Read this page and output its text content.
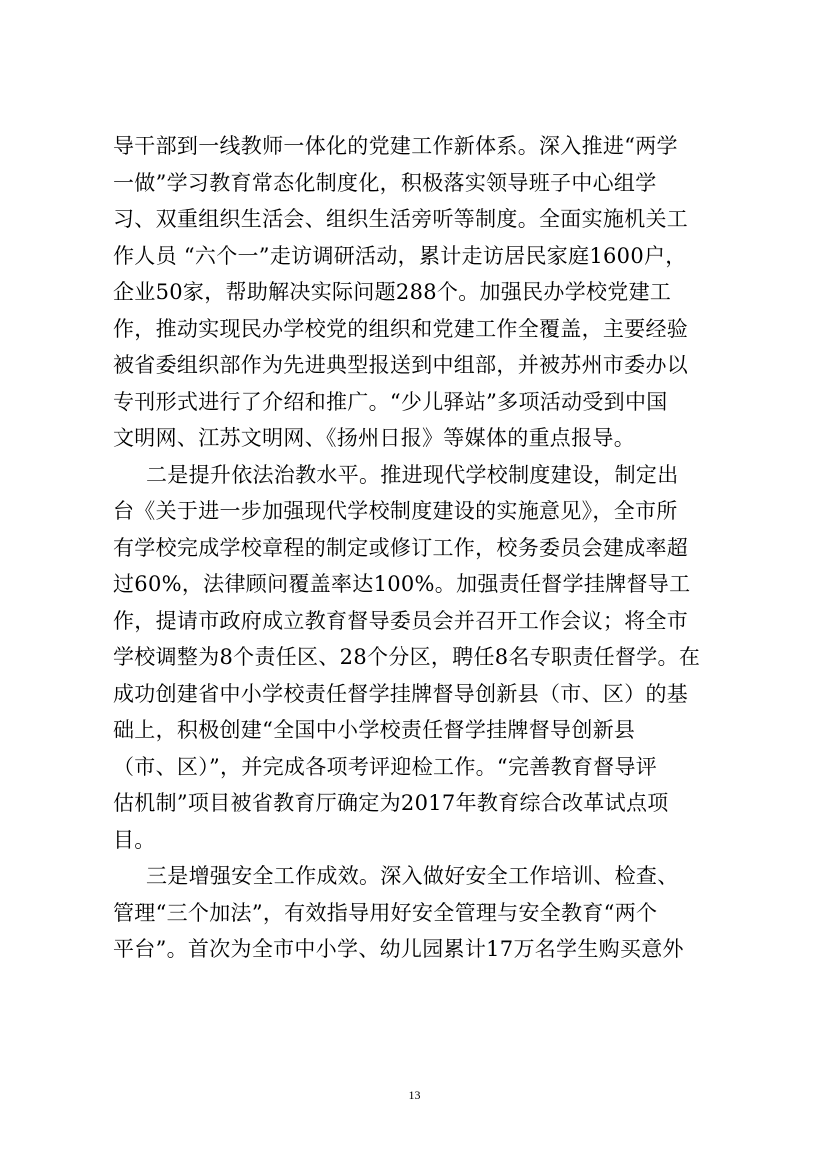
导干部到一线教师一体化的党建工作新体系。深入推进“两学
一做”学习教育常态化制度化，积极落实领导班子中心组学
习、双重组织生活会、组织生活旁听等制度。全面实施机关工
作人员 “六个一”走访调研活动，累计走访居民家庭1600户，
企业50家，帮助解决实际问题288个。加强民办学校党建工
作，推动实现民办学校党的组织和党建工作全覆盖，主要经验
被省委组织部作为先进典型报送到中组部，并被苏州市委办以
专刊形式进行了介绍和推广。“少儿驿站”多项活动受到中国
文明网、江苏文明网、《扬州日报》等媒体的重点报导。
二是提升依法治教水平。推进现代学校制度建设，制定出
台《关于进一步加强现代学校制度建设的实施意见》，全市所
有学校完成学校章程的制定或修订工作，校务委员会建成率超
过60%，法律顾问覆盖率达100%。加强责任督学挂牌督导工
作，提请市政府成立教育督导委员会并召开工作会议；将全市
学校调整为8个责任区、28个分区，聘任8名专职责任督学。在
成功创建省中小学校责任督学挂牌督导创新县（市、区）的基
础上，积极创建“全国中小学校责任督学挂牌督导创新县
（市、区）”，并完成各项考评迎检工作。“完善教育督导评
估机制”项目被省教育厅确定为2017年教育综合改革试点项
目。
三是增强安全工作成效。深入做好安全工作培训、检查、
管理“三个加法”，有效指导用好安全管理与安全教育“两个
平台”。首次为全市中小学、幼儿园累计17万名学生购买意外
13
